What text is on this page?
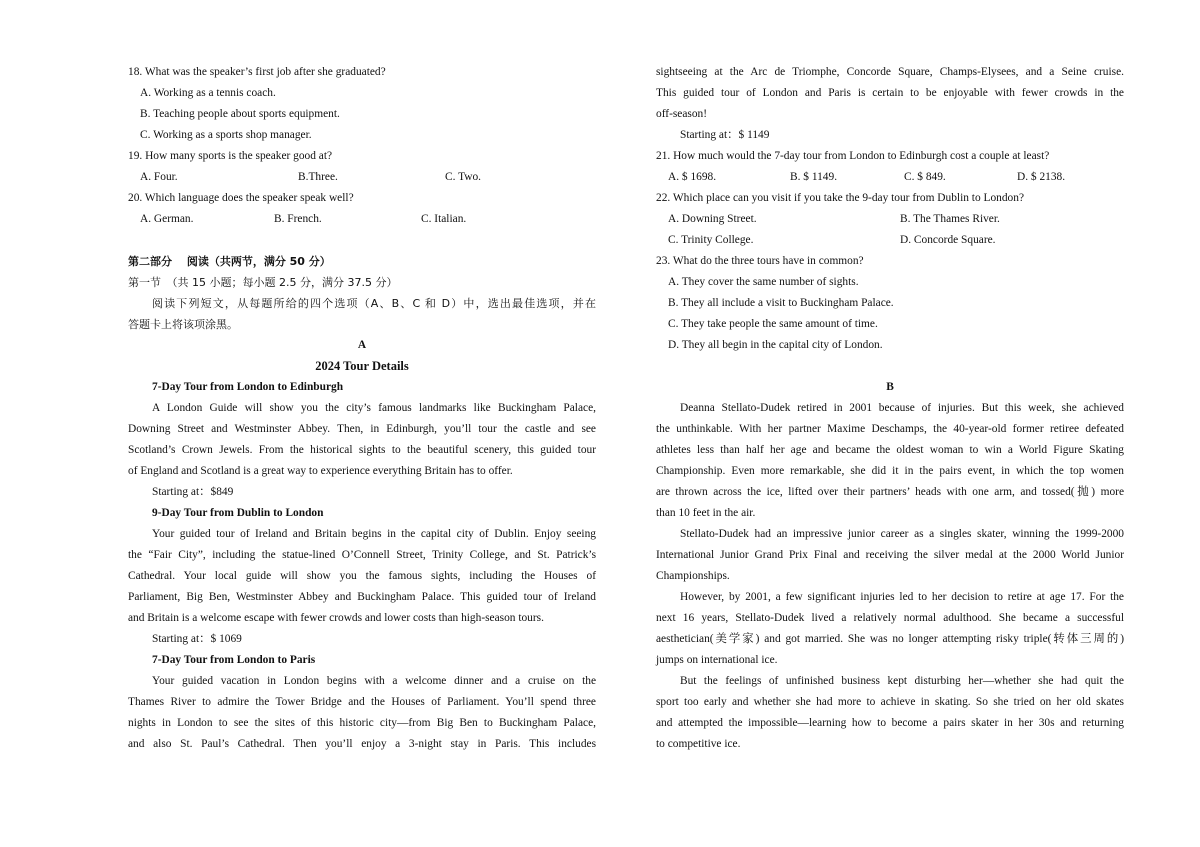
18. What was the speaker’s first job after she graduated?
A. Working as a tennis coach.
B. Teaching people about sports equipment.
C. Working as a sports shop manager.
19. How many sports is the speaker good at?
A. Four.	B.Three.	C. Two.
20. Which language does the speaker speak well?
A. German.	B. French.	C. Italian.
第二部分　 阅读（共两节，满分 50 分）
第一节　（共 15 小题；每小题 2.5 分，满分 37.5 分）
阅读下列短文，从每题所给的四个选项（A、B、C 和 D）中，选出最佳选项，并在
答题卡上将该项涂黑。
A
2024 Tour Details
7-Day Tour from London to Edinburgh
A London Guide will show you the city’s famous landmarks like Buckingham Palace,
Downing Street and Westminster Abbey. Then, in Edinburgh, you’ll tour the castle and see
Scotland’s Crown Jewels. From the historical sights to the beautiful scenery, this guided tour
of England and Scotland is a great way to experience everything Britain has to offer.
Starting at：$849
9-Day Tour from Dublin to London
Your guided tour of Ireland and Britain begins in the capital city of Dublin. Enjoy seeing
the “Fair City”, including the statue-lined O’Connell Street, Trinity College, and St. Patrick’s
Cathedral. Your local guide will show you the famous sights, including the Houses of
Parliament, Big Ben, Westminster Abbey and Buckingham Palace. This guided tour of Ireland
and Britain is a welcome escape with fewer crowds and lower costs than high-season tours.
Starting at：$ 1069
7-Day Tour from London to Paris
Your guided vacation in London begins with a welcome dinner and a cruise on the
Thames River to admire the Tower Bridge and the Houses of Parliament. You’ll spend three
nights in London to see the sites of this historic city—from Big Ben to Buckingham Palace,
and also St. Paul’s Cathedral. Then you’ll enjoy a 3-night stay in Paris. This includes
sightseeing at the Arc de Triomphe, Concorde Square, Champs-Elysees, and a Seine cruise.
This guided tour of London and Paris is certain to be enjoyable with fewer crowds in the
off-season!
Starting at：$ 1149
21. How much would the 7-day tour from London to Edinburgh cost a couple at least?
A. $ 1698.	B. $ 1149.	C. $ 849.	D. $ 2138.
22. Which place can you visit if you take the 9-day tour from Dublin to London?
A. Downing Street.	B. The Thames River.
C. Trinity College.	D. Concorde Square.
23. What do the three tours have in common?
A. They cover the same number of sights.
B. They all include a visit to Buckingham Palace.
C. They take people the same amount of time.
D. They all begin in the capital city of London.
B
Deanna Stellato-Dudek retired in 2001 because of injuries. But this week, she achieved
the unthinkable. With her partner Maxime Deschamps, the 40-year-old former retiree defeated
athletes less than half her age and became the oldest woman to win a World Figure Skating
Championship. Even more remarkable, she did it in the pairs event, in which the top women
are thrown across the ice, lifted over their partners’ heads with one arm, and tossed(抛) more
than 10 feet in the air.
Stellato-Dudek had an impressive junior career as a singles skater, winning the 1999-2000
International Junior Grand Prix Final and receiving the silver medal at the 2000 World Junior
Championships.
However, by 2001, a few significant injuries led to her decision to retire at age 17. For the
next 16 years, Stellato-Dudek lived a relatively normal adulthood. She became a successful
aesthetician(美学家) and got married. She was no longer attempting risky triple(转体三周的)
jumps on international ice.
But the feelings of unfinished business kept disturbing her—whether she had quit the
sport too early and whether she had more to achieve in skating. So she tried on her old skates
and attempted the impossible—learning how to become a pairs skater in her 30s and returning
to competitive ice.
